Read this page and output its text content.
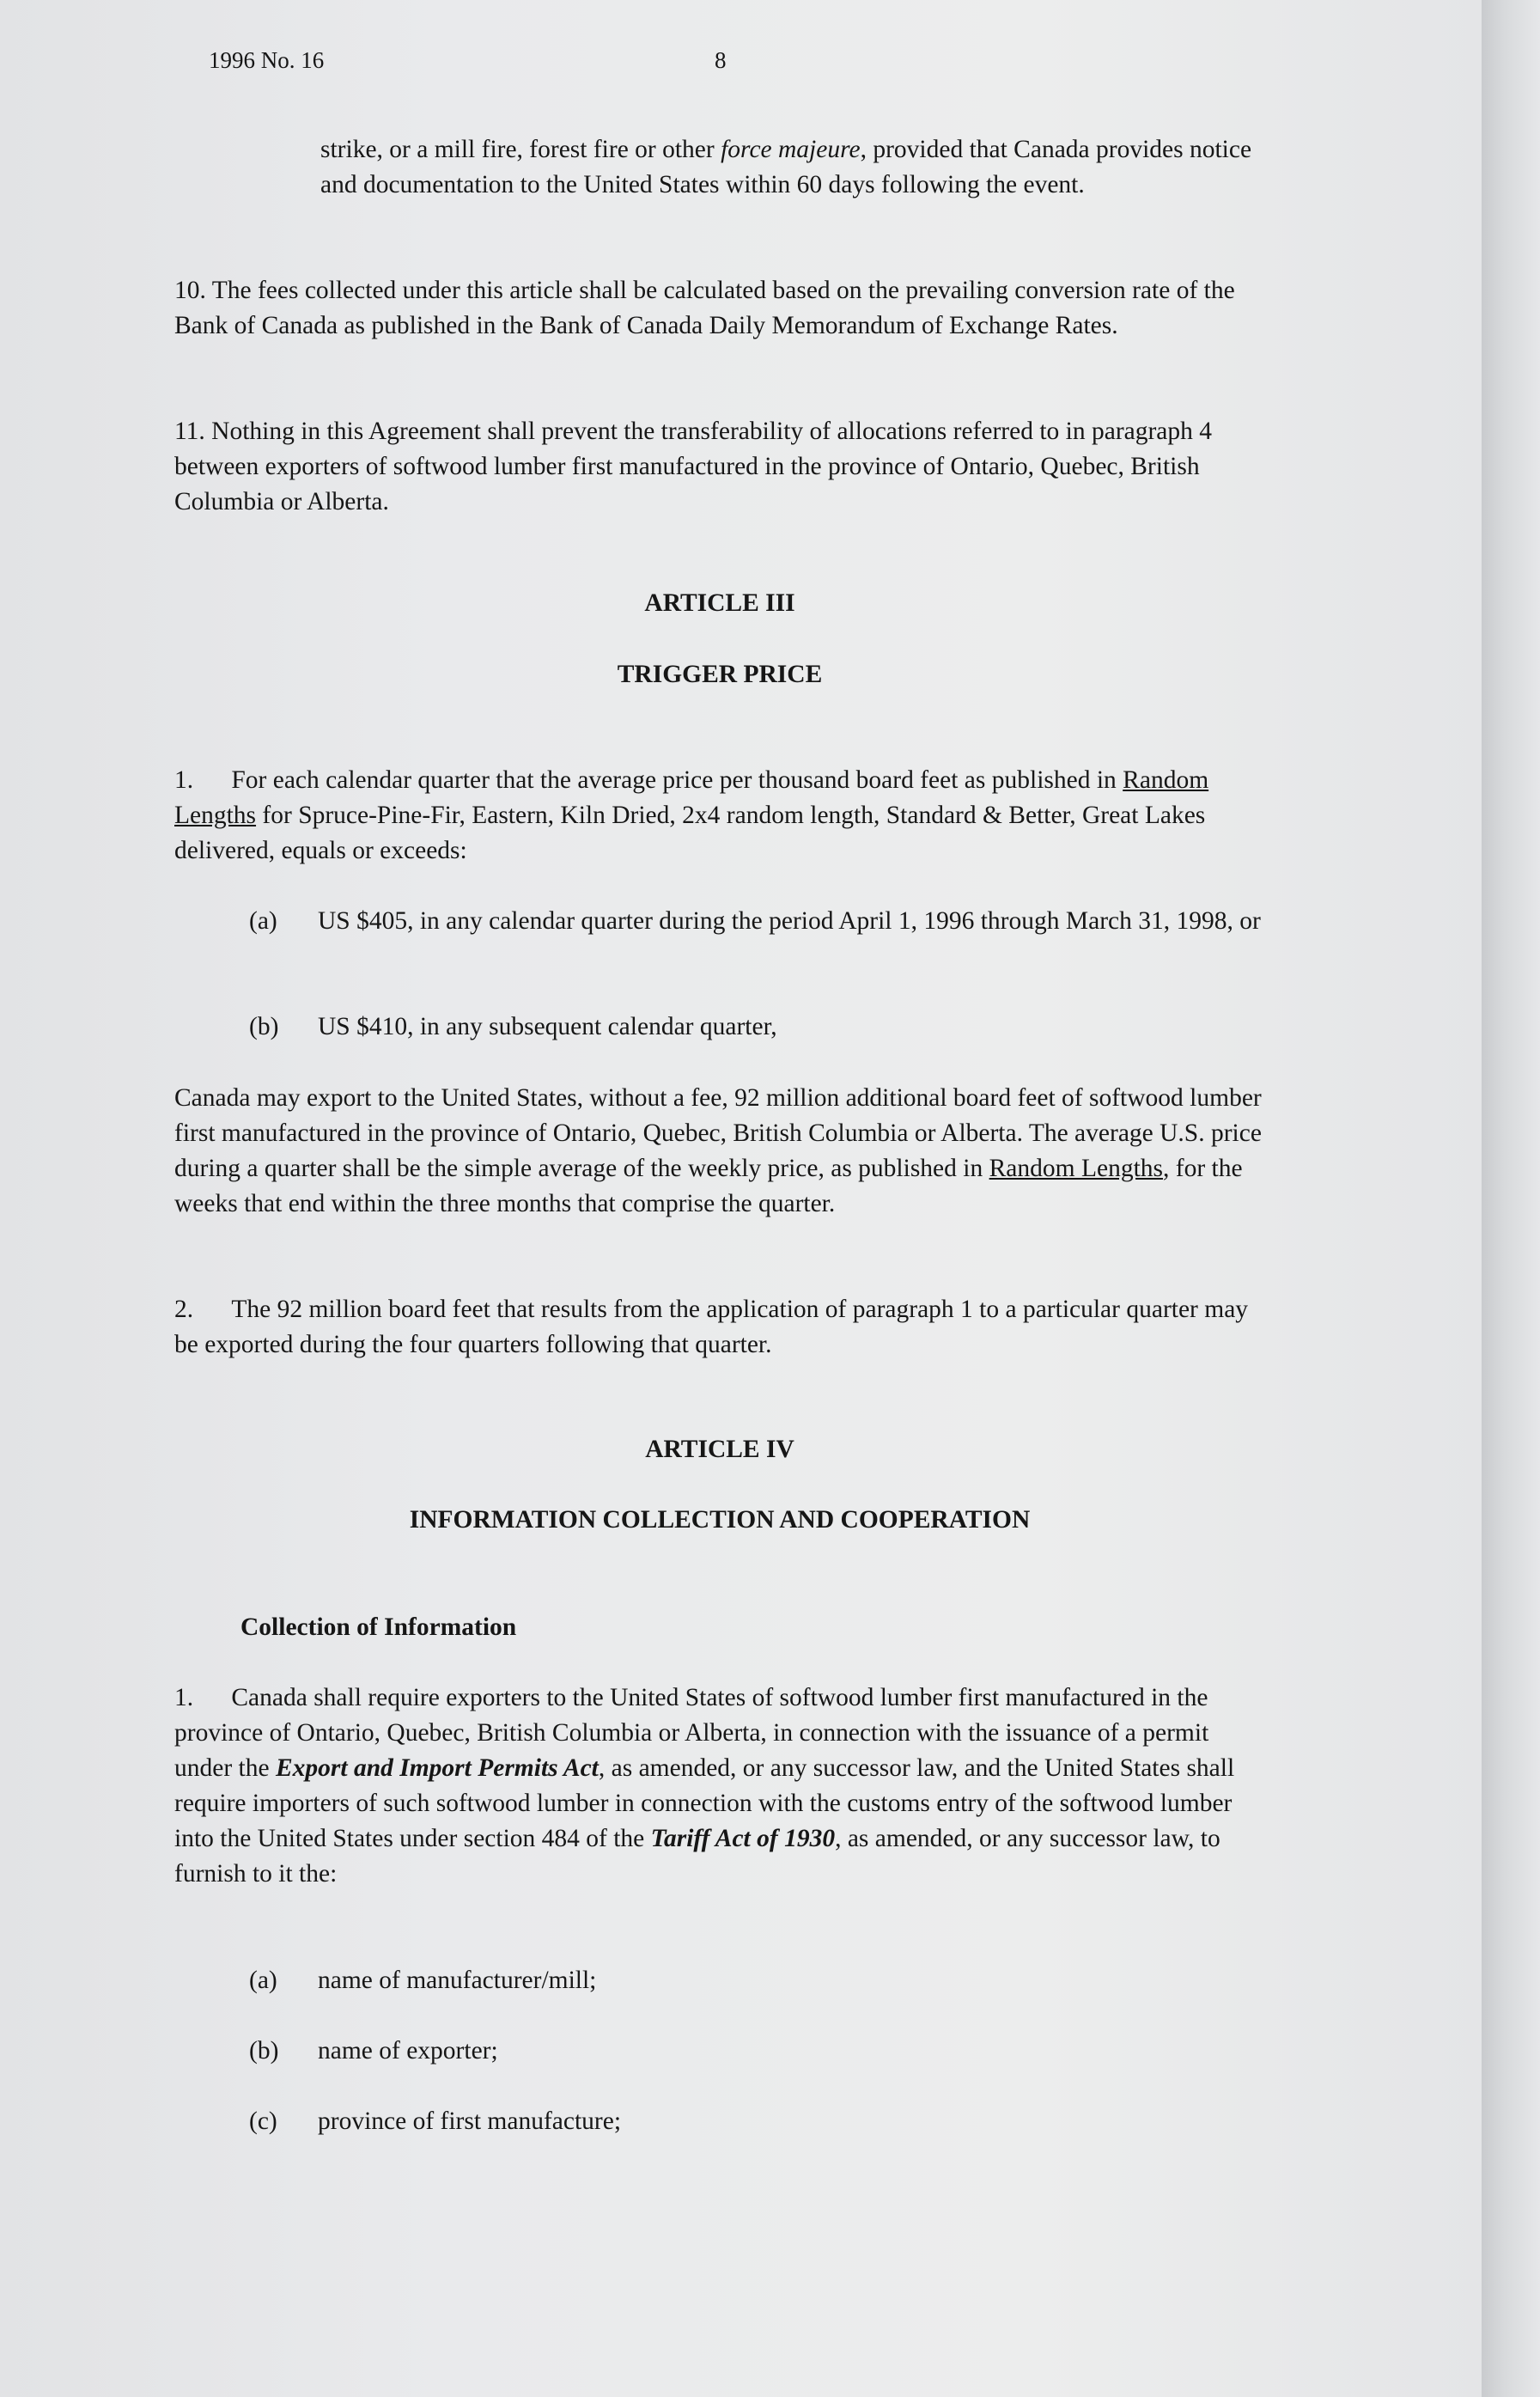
1996 No. 16	8
strike, or a mill fire, forest fire or other force majeure, provided that Canada provides notice and documentation to the United States within 60 days following the event.
10. The fees collected under this article shall be calculated based on the prevailing conversion rate of the Bank of Canada as published in the Bank of Canada Daily Memorandum of Exchange Rates.
11. Nothing in this Agreement shall prevent the transferability of allocations referred to in paragraph 4 between exporters of softwood lumber first manufactured in the province of Ontario, Quebec, British Columbia or Alberta.
ARTICLE III
TRIGGER PRICE
1. For each calendar quarter that the average price per thousand board feet as published in Random Lengths for Spruce-Pine-Fir, Eastern, Kiln Dried, 2x4 random length, Standard & Better, Great Lakes delivered, equals or exceeds:
(a) US $405, in any calendar quarter during the period April 1, 1996 through March 31, 1998, or
(b) US $410, in any subsequent calendar quarter,
Canada may export to the United States, without a fee, 92 million additional board feet of softwood lumber first manufactured in the province of Ontario, Quebec, British Columbia or Alberta. The average U.S. price during a quarter shall be the simple average of the weekly price, as published in Random Lengths, for the weeks that end within the three months that comprise the quarter.
2. The 92 million board feet that results from the application of paragraph 1 to a particular quarter may be exported during the four quarters following that quarter.
ARTICLE IV
INFORMATION COLLECTION AND COOPERATION
Collection of Information
1. Canada shall require exporters to the United States of softwood lumber first manufactured in the province of Ontario, Quebec, British Columbia or Alberta, in connection with the issuance of a permit under the Export and Import Permits Act, as amended, or any successor law, and the United States shall require importers of such softwood lumber in connection with the customs entry of the softwood lumber into the United States under section 484 of the Tariff Act of 1930, as amended, or any successor law, to furnish to it the:
(a) name of manufacturer/mill;
(b) name of exporter;
(c) province of first manufacture;
